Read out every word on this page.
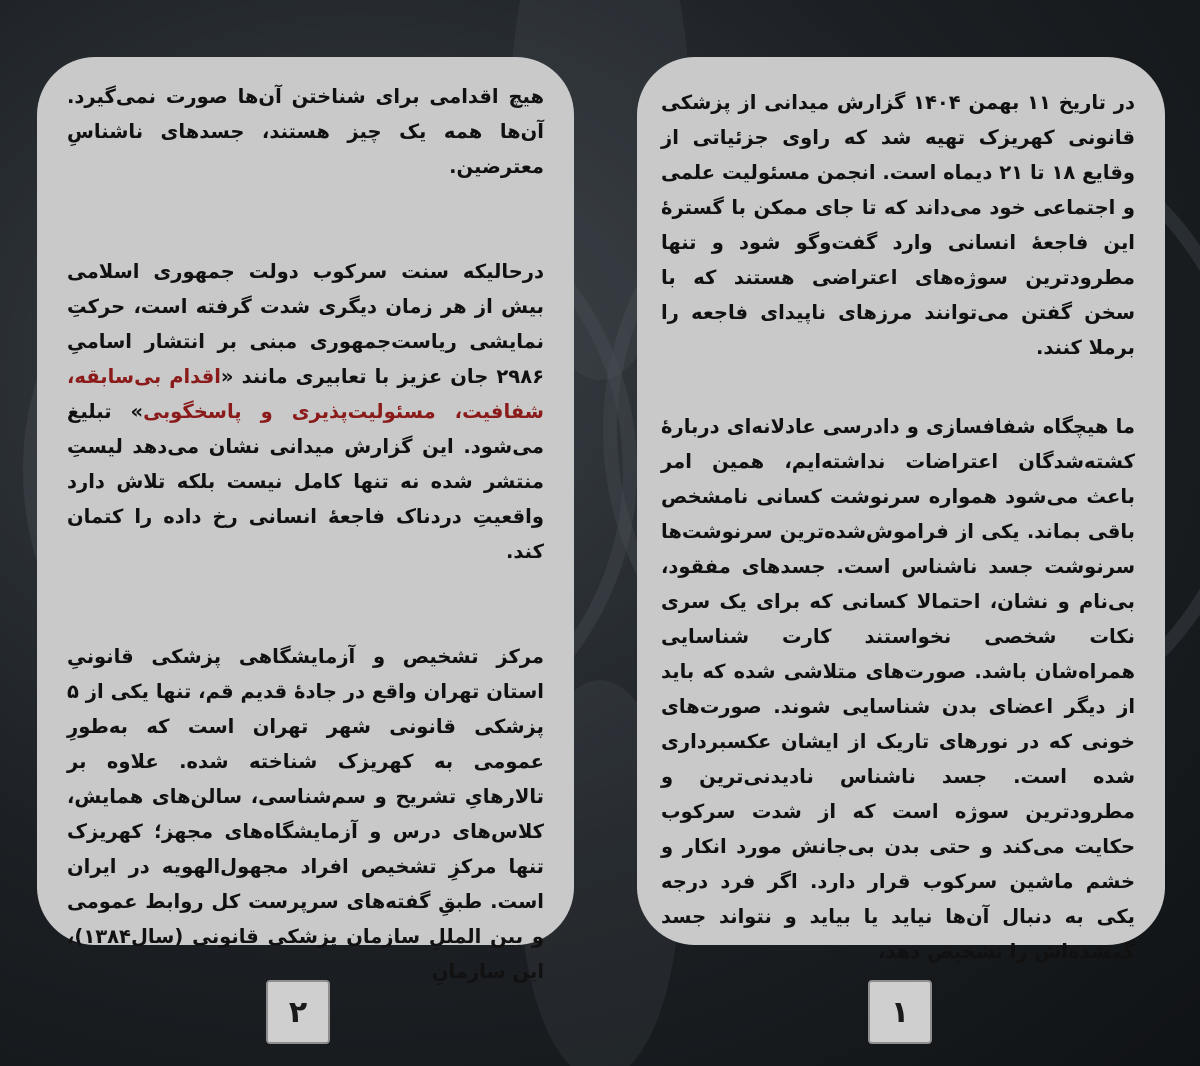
هیچ اقدامی برای شناختن آن‌ها صورت نمی‌گیرد. آن‌ها همه یک چیز هستند، جسدهای ناشناسِ معترضین.

درحالیکه سنت سرکوب دولت جمهوری اسلامی بیش از هر زمان دیگری شدت گرفته است، حرکتِ نمایشی ریاست‌جمهوری مبنی بر انتشار اسامیِ ۲۹۸۶ جان عزیز با تعابیری مانند «اقدام بی‌سابقه، شفافیت، مسئولیت‌پذیری و پاسخگوبی» تبلیغ می‌شود. این گزارش میدانی نشان می‌دهد لیستِ منتشر شده نه تنها کامل نیست بلکه تلاش دارد واقعیتِ دردناک فاجعهٔ انسانی رخ داده را کتمان کند.

مرکز تشخیص و آزمایشگاهی پزشکی قانونیِ استان تهران واقع در جادهٔ قدیم قم، تنها یکی از ۵ پزشکی قانونی شهر تهران است که به‌طورِ عمومی به کهریزک شناخته شده. علاوه بر تالارهایِ تشریح و سم‌شناسی، سالن‌های همایش، کلاس‌های درس و آزمایشگاه‌های مجهز؛ کهریزک تنها مرکزِ تشخیص افراد مجهول‌الهویه در ایران است. طبقِ گفته‌های سرپرست کل روابط عمومی و بین المللِ سازمان پزشکی قانونی (سال۱۳۸۴)، این سازمانِ

در تاریخ ۱۱ بهمن ۱۴۰۴ گزارش میدانی از پزشکی قانونی کهریزک تهیه شد که راوی جزئیاتی از وقایع ۱۸ تا ۲۱ دیماه است. انجمن مسئولیت علمی و اجتماعی خود می‌داند که تا جای ممکن با گسترهٔ این فاجعهٔ انسانی وارد گفت‌وگو شود و تنها مطرودترین سوژه‌های اعتراضی هستند که با سخن گفتن می‌توانند مرزهای ناپیدای فاجعه را برملا کنند.

ما هیچگاه شفافسازی و دادرسی عادلانه‌ای دربارهٔ کشته‌شدگان اعتراضات نداشته‌ایم، همین امر باعث می‌شود همواره سرنوشت کسانی نامشخص باقی بماند. یکی از فراموش‌شده‌ترین سرنوشت‌ها سرنوشت جسد ناشناس است. جسدهای مفقود، بی‌نام و نشان، احتمالا کسانی که برای یک سری نکات شخصی نخواستند کارت شناسایی همراه‌شان باشد. صورت‌های متلاشی شده که باید از دیگر اعضای بدن شناسایی شوند. صورت‌های خونی که در نورهای تاریک از ایشان عکسبرداری شده است. جسد ناشناس نادیدنی‌ترین و مطرودترین سوژه است که از شدت سرکوب حکایت می‌کند و حتی بدن بی‌جانش مورد انکار و خشم ماشین سرکوب قرار دارد. اگر فرد درجه یکی به دنبال آن‌ها نیاید یا بیاید و نتواند جسد گمشده‌اش را تشخیص دهد،

۲	۱
